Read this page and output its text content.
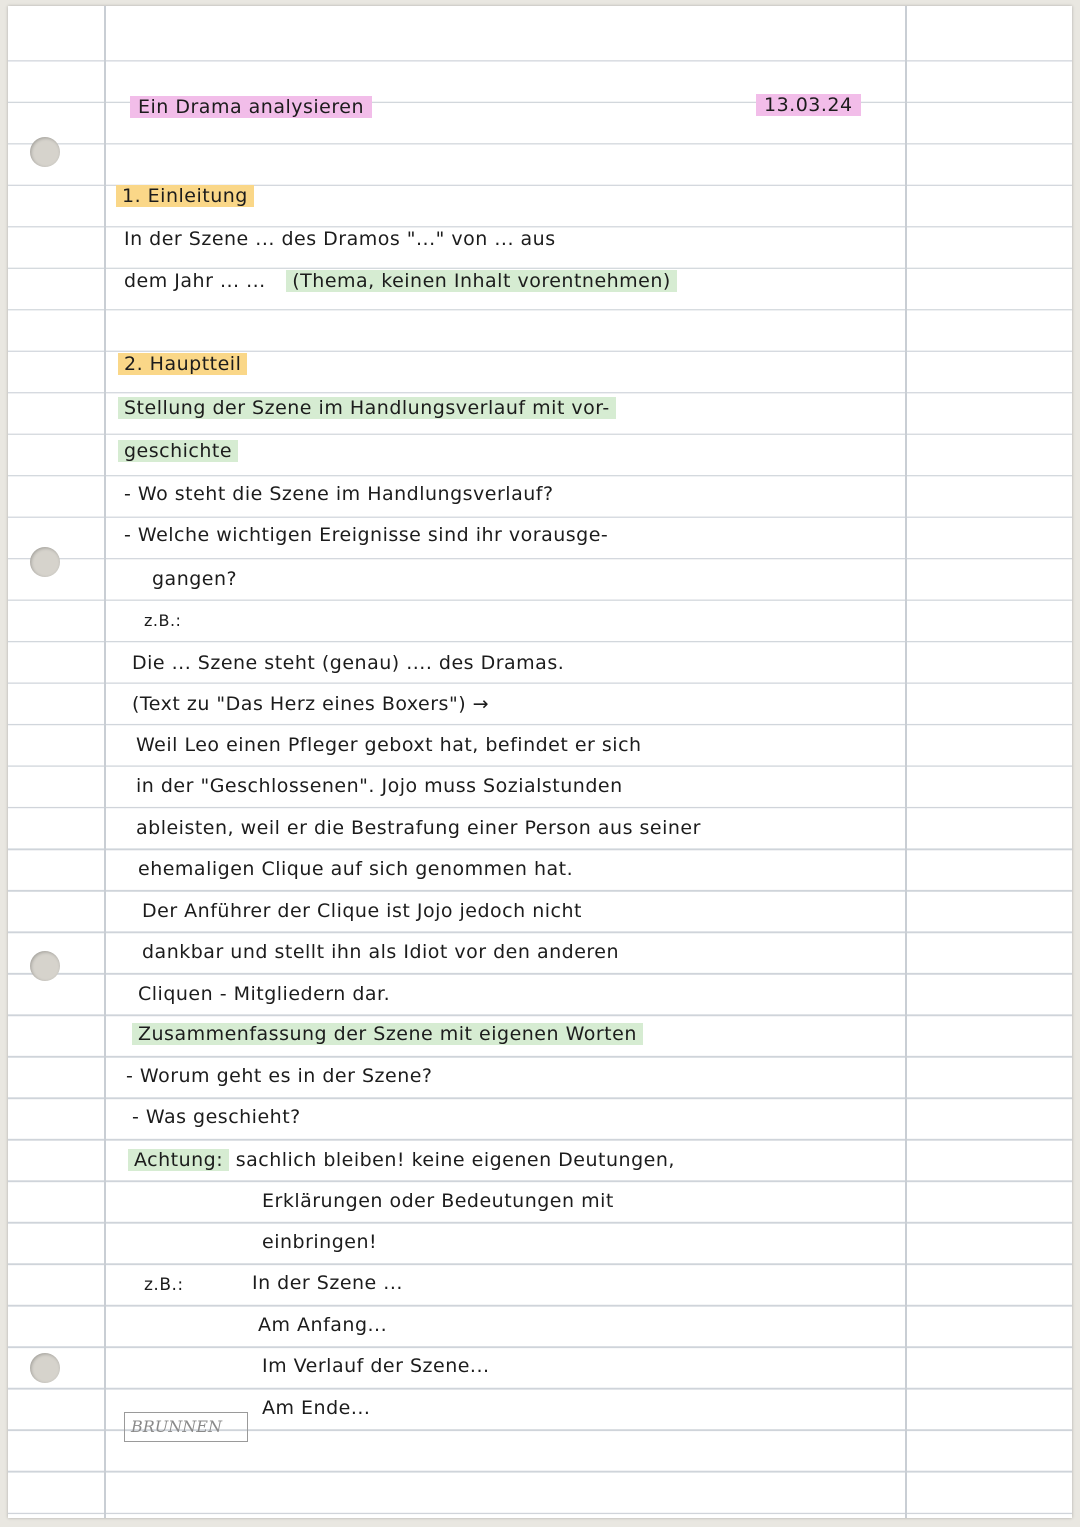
Ein Drama analysieren	13.03.24
1. Einleitung
In der Szene ... des Dramos "..." von ... aus
dem Jahr ... ... (Thema, keinen Inhalt vorentnehmen)
2. Hauptteil
Stellung der Szene im Handlungsverlauf mit vor-
geschichte
- Wo steht die Szene im Handlungsverlauf?
- Welche wichtigen Ereignisse sind ihr vorausge-
gangen?
z.B.:
Die ... Szene steht (genau) .... des Dramas.
(Text zu "Das Herz eines Boxers") →
Weil Leo einen Pfleger geboxt hat, befindet er sich
in der "Geschlossenen". Jojo muss Sozialstunden
ableisten, weil er die Bestrafung einer Person aus seiner
ehemaligen Clique auf sich genommen hat.
Der Anführer der Clique ist Jojo jedoch nicht
dankbar und stellt ihn als Idiot vor den anderen
Cliquen - Mitgliedern dar.
Zusammenfassung der Szene mit eigenen Worten
- Worum geht es in der Szene?
- Was geschieht?
Achtung: sachlich bleiben! keine eigenen Deutungen,
Erklärungen oder Bedeutungen mit
einbringen!
z.B.:	In der Szene ...
Am Anfang...
Im Verlauf der Szene...
Am Ende...
BRUNNEN
